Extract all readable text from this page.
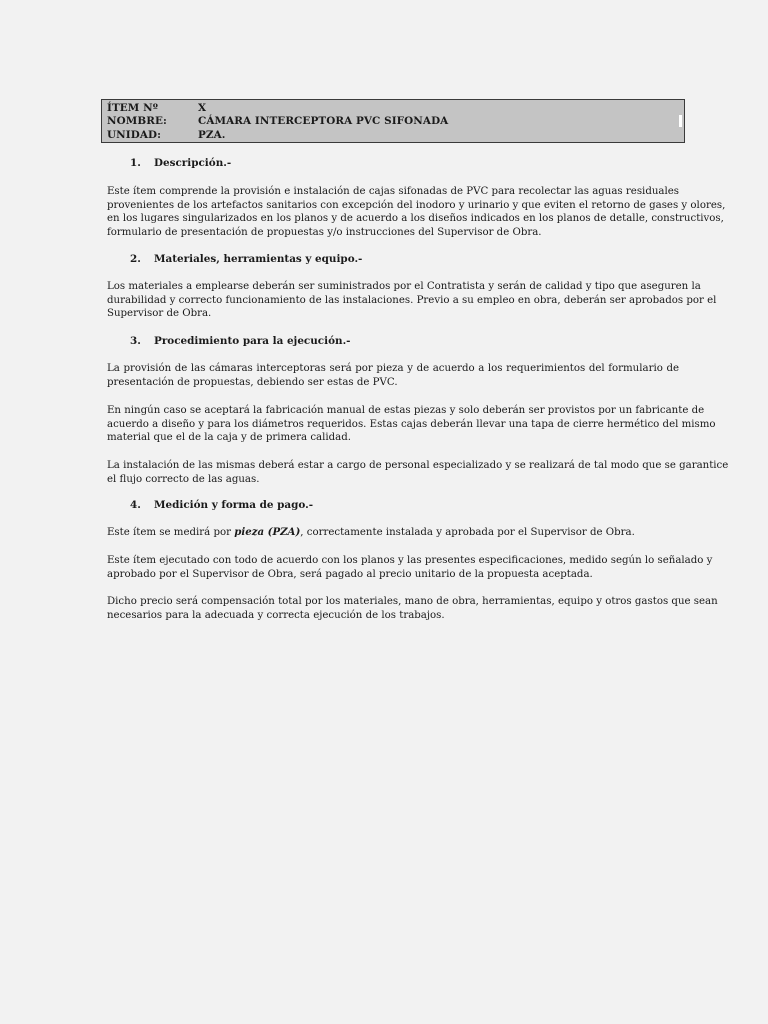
ÍTEM Nº	X
NOMBRE:	CÁMARA INTERCEPTORA PVC SIFONADA
UNIDAD:	PZA.
1.	Descripción.-
Este ítem comprende la provisión e instalación de cajas sifonadas de PVC para recolectar las aguas residuales
provenientes de los artefactos sanitarios con excepción del inodoro y urinario y que eviten el retorno de gases y olores,
en los lugares singularizados en los planos y de acuerdo a los diseños indicados en los planos de detalle, constructivos,
formulario de presentación de propuestas y/o instrucciones del Supervisor de Obra.
2.	Materiales, herramientas y equipo.-
Los materiales a emplearse deberán ser suministrados por el Contratista y serán de calidad y tipo que aseguren la
durabilidad y correcto funcionamiento de las instalaciones. Previo a su empleo en obra, deberán ser aprobados por el
Supervisor de Obra.
3.	Procedimiento para la ejecución.-
La provisión de las cámaras interceptoras será por pieza y de acuerdo a los requerimientos del formulario de
presentación de propuestas, debiendo ser estas de PVC.
En ningún caso se aceptará la fabricación manual de estas piezas y solo deberán ser provistos por un fabricante de
acuerdo a diseño y para los diámetros requeridos. Estas cajas deberán llevar una tapa de cierre hermético del mismo
material que el de la caja y de primera calidad.
La instalación de las mismas deberá estar a cargo de personal especializado y se realizará de tal modo que se garantice
el flujo correcto de las aguas.
4.	Medición y forma de pago.-
Este ítem se medirá por pieza (PZA), correctamente instalada y aprobada por el Supervisor de Obra.
Este ítem ejecutado con todo de acuerdo con los planos y las presentes especificaciones, medido según lo señalado y
aprobado por el Supervisor de Obra, será pagado al precio unitario de la propuesta aceptada.
Dicho precio será compensación total por los materiales, mano de obra, herramientas, equipo y otros gastos que sean
necesarios para la adecuada y correcta ejecución de los trabajos.
